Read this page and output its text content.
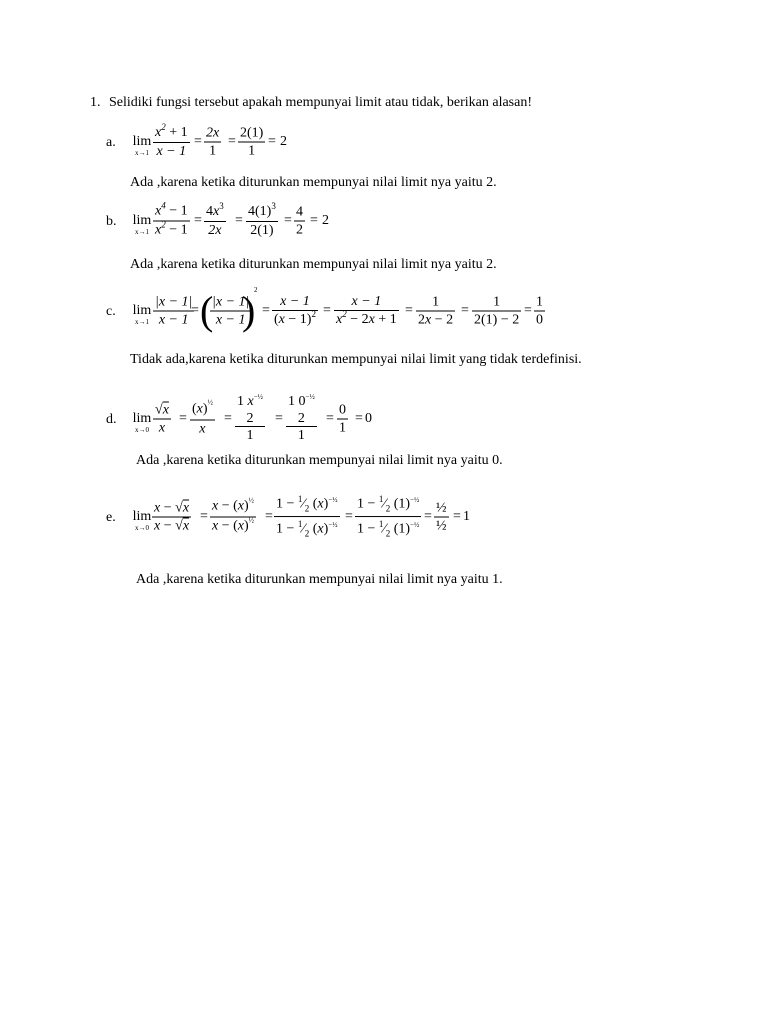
1. Selidiki fungsi tersebut apakah mempunyai limit atau tidak, berikan alasan!
a. lim
$x\to 1 \frac{x^2 + 1}{x - 1} = \frac{2x}{1} = \frac{2(1)}{1} = 2$
Ada ,karena ketika diturunkan mempunyai nilai limit nya yaitu 2.
b. lim
$x\to 1 \frac{x^4 - 1}{x^2 - 1} = \frac{4x^3}{2x} = \frac{4(1)^3}{2(1)} = \frac{4}{2} = 2$
Ada ,karena ketika diturunkan mempunyai nilai limit nya yaitu 2.
c. lim
$x\to 1 \frac{|x - 1|}{x - 1}$
= (
$\frac{|x - 1|}{x - 1}$
)
2
= $\frac{x - 1}{(x - 1)^2} = \frac{x - 1}{x^2 - 2x + 1} = \frac{1}{2x - 2} = \frac{1}{2(1) - 2} = \frac{1}{0}$
Tidak ada,karena ketika diturunkan mempunyai nilai limit yang tidak terdefinisi.
d. lim
$x\to 0 \frac{√x}{x} = \frac{(x)^{\frac{1}{2}}}{x}$ =
1 $x^{-\frac{1}{2}}$
2
1
=
1 $0^{-\frac{1}{2}}$
2
1
= $\frac{0}{1} = 0$
Ada ,karena ketika diturunkan mempunyai nilai limit nya yaitu 0.
e. lim
$x\to 0 \frac{x - √x}{x - √x} = \frac{x - (x)^{\frac{1}{2}}}{x - (x)^{\frac{1}{2}}} = \frac{1 - ^1⁄_2 (x)^{-\frac{1}{2}}}{1 - ^1⁄_2 (x)^{-\frac{1}{2}}} = \frac{1 - ^1⁄_2 (1)^{-\frac{1}{2}}}{1 - ^1⁄_2 (1)^{-\frac{1}{2}}}$ =
½
½
= 1
Ada ,karena ketika diturunkan mempunyai nilai limit nya yaitu 1.
